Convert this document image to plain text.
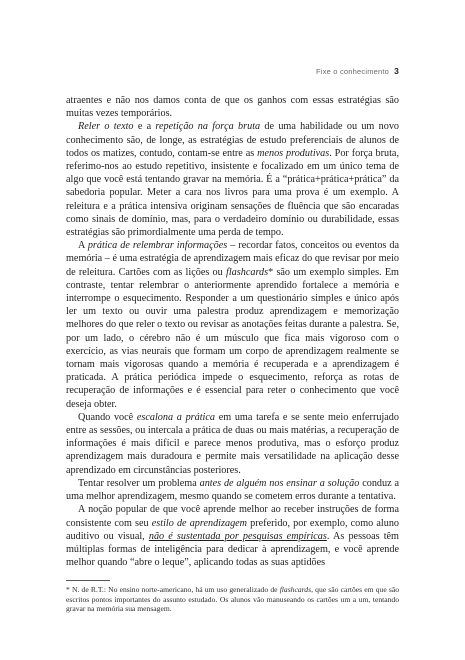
Fixe o conhecimento 3

atraentes e não nos damos conta de que os ganhos com essas estratégias são muitas vezes temporários.

Reler o texto e a repetição na força bruta de uma habilidade ou um novo conhecimento são, de longe, as estratégias de estudo preferenciais de alunos de todos os matizes, contudo, contam-se entre as menos produtivas. Por força bruta, referimo-nos ao estudo repetitivo, insistente e focalizado em um único tema de algo que você está tentando gravar na memória. É a “prática+prática+prática” da sabedoria popular. Meter a cara nos livros para uma prova é um exemplo. A releitura e a prática intensiva originam sensações de fluência que são encaradas como sinais de domínio, mas, para o verdadeiro domínio ou durabilidade, essas estratégias são primordialmente uma perda de tempo.

A prática de relembrar informações – recordar fatos, conceitos ou eventos da memória – é uma estratégia de aprendizagem mais eficaz do que revisar por meio de releitura. Cartões com as lições ou flashcards* são um exemplo simples. Em contraste, tentar relembrar o anteriormente aprendido fortalece a memória e interrompe o esquecimento. Responder a um questionário simples e único após ler um texto ou ouvir uma palestra produz aprendizagem e memorização melhores do que reler o texto ou revisar as anotações feitas durante a palestra. Se, por um lado, o cérebro não é um músculo que fica mais vigoroso com o exercício, as vias neurais que formam um corpo de aprendizagem realmente se tornam mais vigorosas quando a memória é recuperada e a aprendizagem é praticada. A prática periódica impede o esquecimento, reforça as rotas de recuperação de informações e é essencial para reter o conhecimento que você deseja obter.

Quando você escalona a prática em uma tarefa e se sente meio enferrujado entre as sessões, ou intercala a prática de duas ou mais matérias, a recuperação de informações é mais difícil e parece menos produtiva, mas o esforço produz aprendizagem mais duradoura e permite mais versatilidade na aplicação desse aprendizado em circunstâncias posteriores.

Tentar resolver um problema antes de alguém nos ensinar a solução conduz a uma melhor aprendizagem, mesmo quando se cometem erros durante a tentativa.

A noção popular de que você aprende melhor ao receber instruções de forma consistente com seu estilo de aprendizagem preferido, por exemplo, como aluno auditivo ou visual, não é sustentada por pesquisas empíricas. As pessoas têm múltiplas formas de inteligência para dedicar à aprendizagem, e você aprende melhor quando “abre o leque”, aplicando todas as suas aptidões

* N. de R.T.: No ensino norte-americano, há um uso generalizado de flashcards, que são cartões em que são escritos pontos importantes do assunto estudado. Os alunos vão manuseando os cartões um a um, tentando gravar na memória sua mensagem.
